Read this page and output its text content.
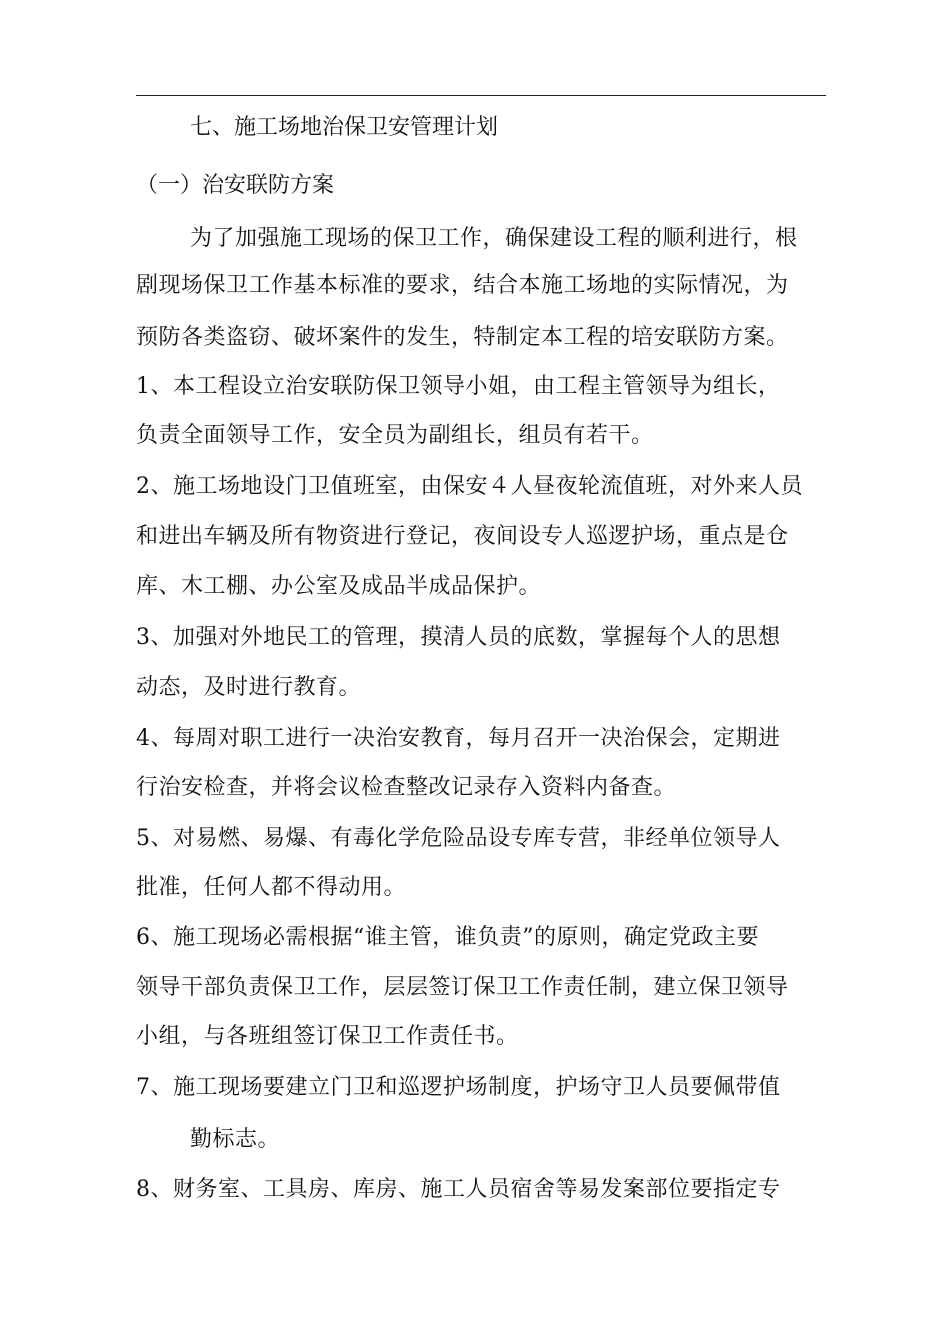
七、施工场地治保卫安管理计划
（一）治安联防方案
为了加强施工现场的保卫工作，确保建设工程的顺利进行，根
剧现场保卫工作基本标准的要求，结合本施工场地的实际情况，为
预防各类盗窃、破坏案件的发生，特制定本工程的培安联防方案。
1、本工程设立治安联防保卫领导小姐，由工程主管领导为组长，
负责全面领导工作，安全员为副组长，组员有若干。
2、施工场地设门卫值班室，由保安４人昼夜轮流值班，对外来人员
和进出车辆及所有物资进行登记，夜间设专人巡逻护场，重点是仓
库、木工棚、办公室及成品半成品保护。
3、加强对外地民工的管理，摸清人员的底数，掌握每个人的思想
动态，及时进行教育。
4、每周对职工进行一决治安教育，每月召开一决治保会，定期进
行治安检查，并将会议检查整改记录存入资料内备查。
5、对易燃、易爆、有毒化学危险品设专库专营，非经单位领导人
批准，任何人都不得动用。
6、施工现场必需根据“谁主管，谁负责”的原则，确定党政主要
领导干部负责保卫工作，层层签订保卫工作责任制，建立保卫领导
小组，与各班组签订保卫工作责任书。
7、施工现场要建立门卫和巡逻护场制度，护场守卫人员要佩带值
勤标志。
8、财务室、工具房、库房、施工人员宿舍等易发案部位要指定专
